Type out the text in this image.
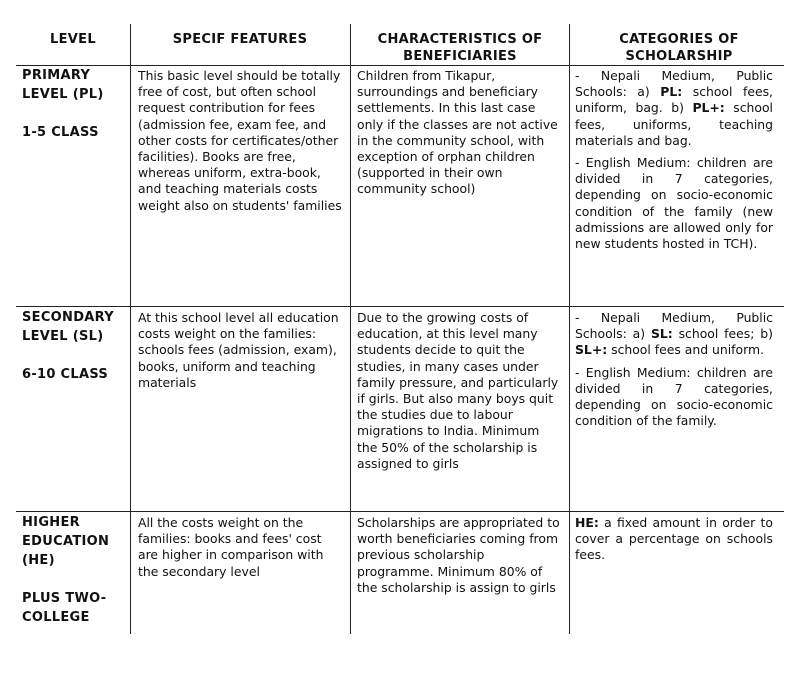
LEVEL	SPECIF FEATURES	CHARACTERISTICS OF BENEFICIARIES
CATEGORIES OF SCHOLARSHIP
PRIMARY LEVEL (PL)
1-5 CLASS
This basic level should be totally free of cost, but often school request contribution for fees (admission fee, exam fee, and other costs for certificates/other facilities). Books are free, whereas uniform, extra-book, and teaching materials costs weight also on students' families
Children from Tikapur, surroundings and beneficiary settlements. In this last case only if the classes are not active in the community school, with exception of orphan children (supported in their own community school)

- Nepali Medium, Public Schools: a) PL: school fees, uniform, bag. b) PL+: school fees, uniforms, teaching materials and bag.

- English Medium: children are divided in 7 categories, depending on socio-economic condition of the family (new admissions are allowed only for new students hosted in TCH).

SECONDARY LEVEL (SL)
6-10 CLASS
At this school level all education costs weight on the families: schools fees (admission, exam), books, uniform and teaching materials
Due to the growing costs of education, at this level many students decide to quit the studies, in many cases under family pressure, and particularly if girls. But also many boys quit the studies due to labour migrations to India. Minimum the 50% of the scholarship is assigned to girls

- Nepali Medium, Public Schools: a) SL: school fees; b) SL+: school fees and uniform.

- English Medium: children are divided in 7 categories, depending on socio-economic condition of the family.

HIGHER EDUCATION (HE)
PLUS TWO-COLLEGE
All the costs weight on the families: books and fees' cost are higher in comparison with the secondary level
Scholarships are appropriated to worth beneficiaries coming from previous scholarship programme. Minimum 80% of the scholarship is assign to girls

HE: a fixed amount in order to cover a percentage on schools fees.
